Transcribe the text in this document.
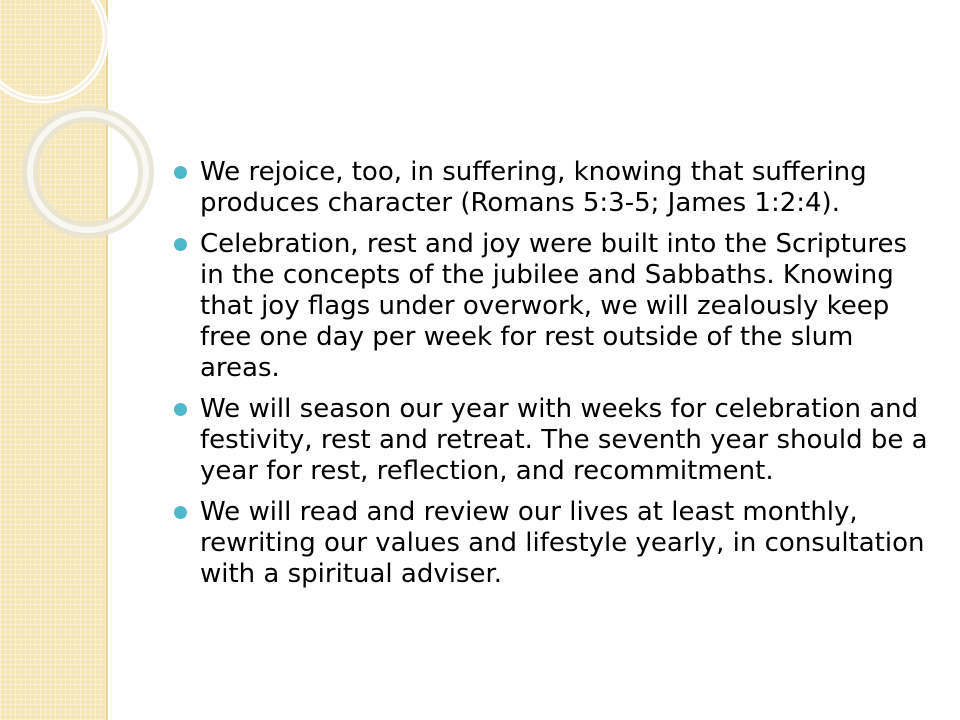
We rejoice, too, in suffering, knowing that suffering produces character (Romans 5:3-5; James 1:2:4).
Celebration, rest and joy were built into the Scriptures in the concepts of the jubilee and Sabbaths. Knowing that joy flags under overwork, we will zealously keep free one day per week for rest outside of the slum areas.
We will season our year with weeks for celebration and festivity, rest and retreat. The seventh year should be a year for rest, reflection, and recommitment.
We will read and review our lives at least monthly, rewriting our values and lifestyle yearly, in consultation with a spiritual adviser.
